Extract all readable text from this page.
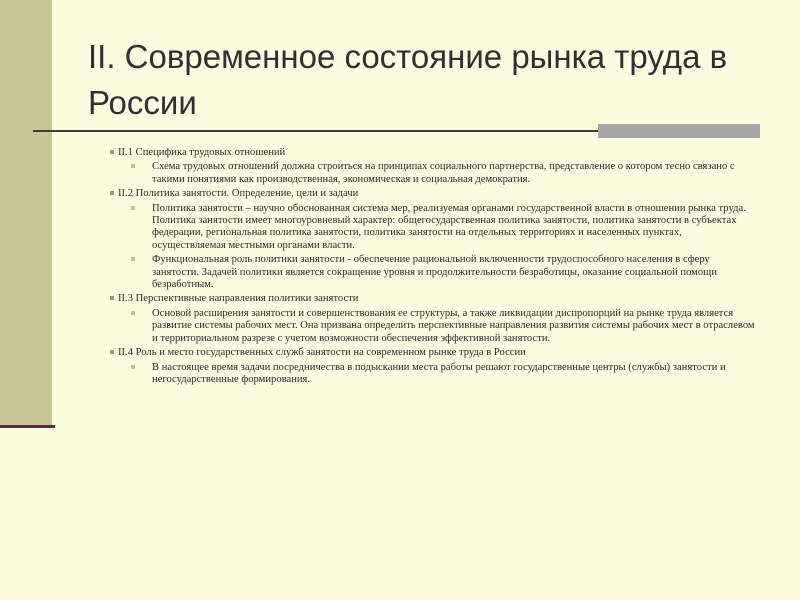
II. Современное состояние рынка труда в России
II.1 Специфика трудовых отношений
Схема трудовых отношений должна строиться на принципах социального партнерства, представление о котором тесно связано с такими понятиями как производственная, экономическая и социальная демократия.
II.2 Политика занятости. Определение, цели и задачи
Политика занятости – научно обоснованная система мер, реализуемая органами государственной власти в отношении рынка труда. Политика занятости имеет многоуровневый характер: общегосударственная политика занятости, политика занятости в субъектах федерации, региональная политика занятости, политика занятости на отдельных территориях и населенных пунктах, осуществляемая местными органами власти.
Функциональная роль политики занятости - обеспечение рациональной включенности трудоспособного населения в сферу занятости. Задачей политики является сокращение уровня и продолжительности безработицы, оказание социальной помощи безработным.
II.3 Перспективные направления политики занятости
Основой расширения занятости и совершенствования ее структуры, а также ликвидации диспропорций на рынке труда является развитие системы рабочих мест. Она призвана определить перспективные направления развития системы рабочих мест в отраслевом и территориальном разрезе с учетом возможности обеспечения эффективной занятости.
II.4 Роль и место государственных служб занятости на современном рынке труда в России
В настоящее время задачи посредничества в подыскании места работы решают государственные центры (службы) занятости и негосударственные формирования.
